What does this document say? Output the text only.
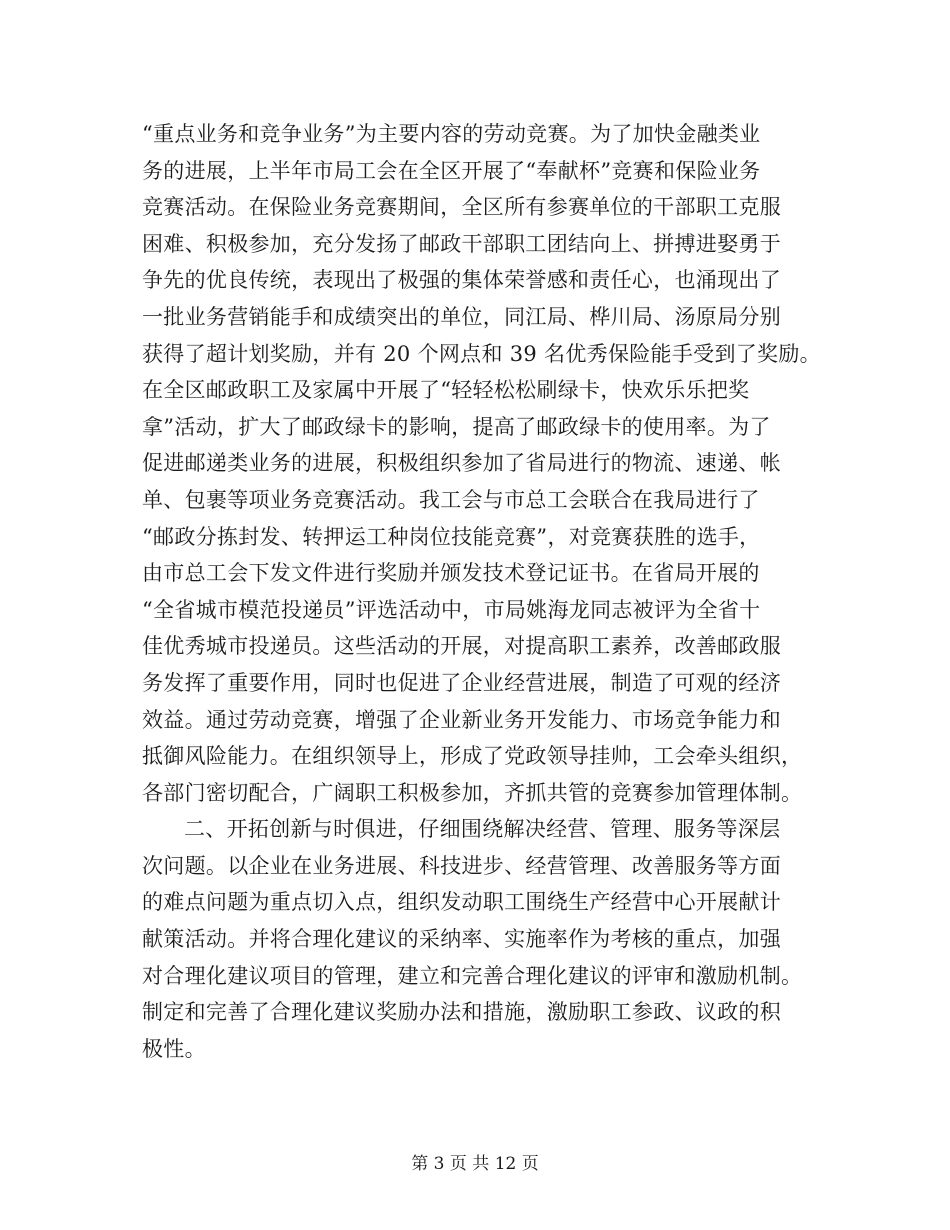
“重点业务和竞争业务”为主要内容的劳动竞赛。为了加快金融类业
务的进展，上半年市局工会在全区开展了“奉献杯”竞赛和保险业务
竞赛活动。在保险业务竞赛期间，全区所有参赛单位的干部职工克服
困难、积极参加，充分发扬了邮政干部职工团结向上、拼搏进娶勇于
争先的优良传统，表现出了极强的集体荣誉感和责任心，也涌现出了
一批业务营销能手和成绩突出的单位，同江局、桦川局、汤原局分别
获得了超计划奖励，并有 20 个网点和 39 名优秀保险能手受到了奖励。
在全区邮政职工及家属中开展了“轻轻松松刷绿卡，快欢乐乐把奖
拿”活动，扩大了邮政绿卡的影响，提高了邮政绿卡的使用率。为了
促进邮递类业务的进展，积极组织参加了省局进行的物流、速递、帐
单、包裹等项业务竞赛活动。我工会与市总工会联合在我局进行了
“邮政分拣封发、转押运工种岗位技能竞赛”，对竞赛获胜的选手，
由市总工会下发文件进行奖励并颁发技术登记证书。在省局开展的
“全省城市模范投递员”评选活动中，市局姚海龙同志被评为全省十
佳优秀城市投递员。这些活动的开展，对提高职工素养，改善邮政服
务发挥了重要作用，同时也促进了企业经营进展，制造了可观的经济
效益。通过劳动竞赛，增强了企业新业务开发能力、市场竞争能力和
抵御风险能力。在组织领导上，形成了党政领导挂帅，工会牵头组织，
各部门密切配合，广阔职工积极参加，齐抓共管的竞赛参加管理体制。
二、开拓创新与时俱进，仔细围绕解决经营、管理、服务等深层
次问题。以企业在业务进展、科技进步、经营管理、改善服务等方面
的难点问题为重点切入点，组织发动职工围绕生产经营中心开展献计
献策活动。并将合理化建议的采纳率、实施率作为考核的重点，加强
对合理化建议项目的管理，建立和完善合理化建议的评审和激励机制。
制定和完善了合理化建议奖励办法和措施，激励职工参政、议政的积
极性。
第 3 页 共 12 页
